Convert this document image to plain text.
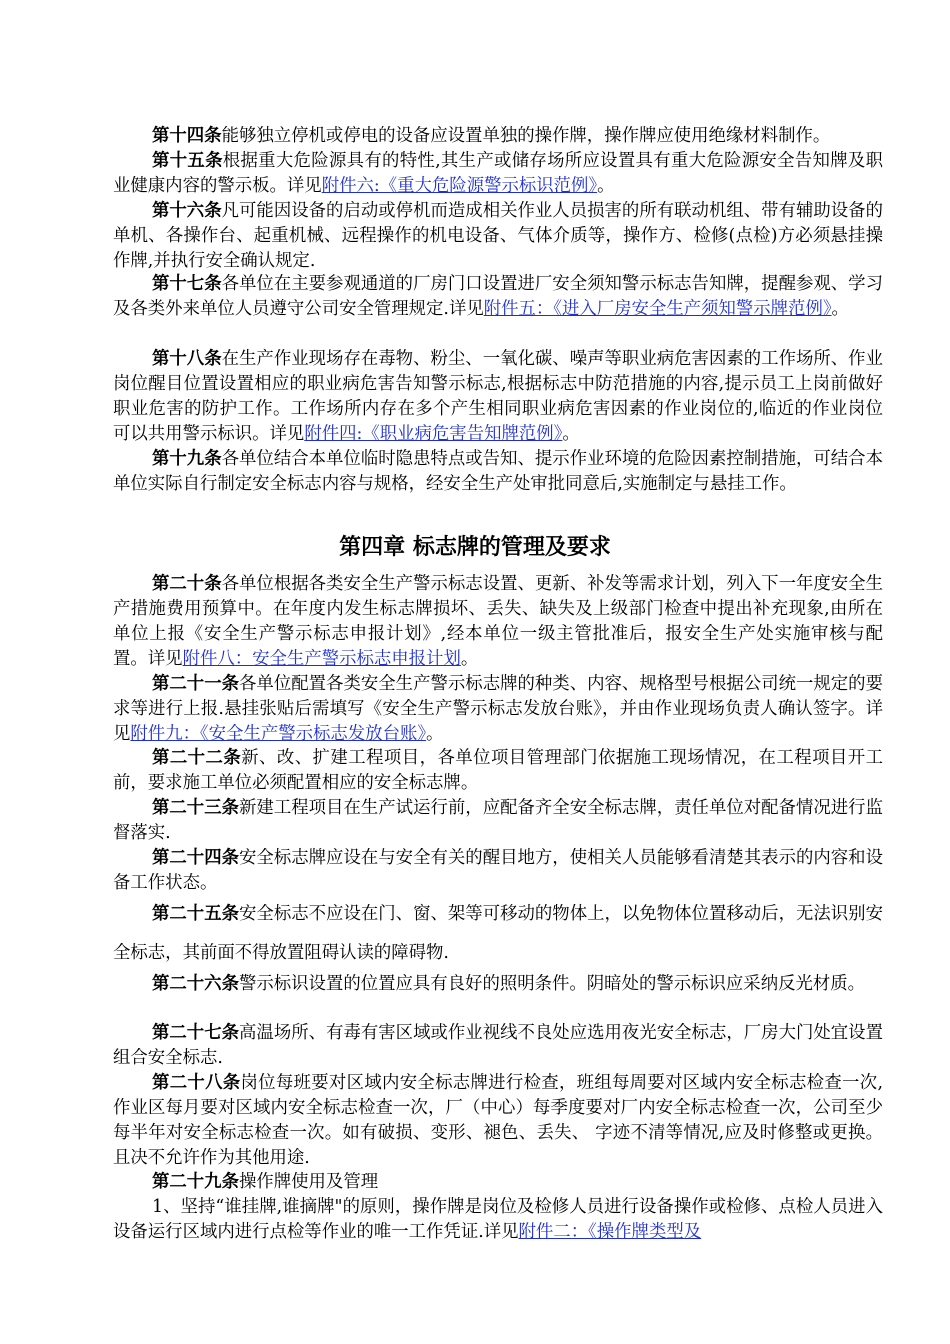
第十四条能够独立停机或停电的设备应设置单独的操作牌，操作牌应使用绝缘材料制作。

第十五条根据重大危险源具有的特性,其生产或储存场所应设置具有重大危险源安全告知牌及职业健康内容的警示板。详见附件六:《重大危险源警示标识范例》。

第十六条凡可能因设备的启动或停机而造成相关作业人员损害的所有联动机组、带有辅助设备的单机、各操作台、起重机械、远程操作的机电设备、气体介质等，操作方、检修(点检)方必须悬挂操作牌,并执行安全确认规定.

第十七条各单位在主要参观通道的厂房门口设置进厂安全须知警示标志告知牌，提醒参观、学习及各类外来单位人员遵守公司安全管理规定.详见附件五：《进入厂房安全生产须知警示牌范例》。

第十八条在生产作业现场存在毒物、粉尘、一氧化碳、噪声等职业病危害因素的工作场所、作业岗位醒目位置设置相应的职业病危害告知警示标志,根据标志中防范措施的内容,提示员工上岗前做好职业危害的防护工作。工作场所内存在多个产生相同职业病危害因素的作业岗位的,临近的作业岗位可以共用警示标识。详见附件四:《职业病危害告知牌范例》。

第十九条各单位结合本单位临时隐患特点或告知、提示作业环境的危险因素控制措施，可结合本单位实际自行制定安全标志内容与规格，经安全生产处审批同意后,实施制定与悬挂工作。

第四章 标志牌的管理及要求

第二十条各单位根据各类安全生产警示标志设置、更新、补发等需求计划，列入下一年度安全生产措施费用预算中。在年度内发生标志牌损坏、丢失、缺失及上级部门检查中提出补充现象,由所在单位上报《安全生产警示标志申报计划》,经本单位一级主管批准后，报安全生产处实施审核与配置。详见附件八：安全生产警示标志申报计划。

第二十一条各单位配置各类安全生产警示标志牌的种类、内容、规格型号根据公司统一规定的要求等进行上报.悬挂张贴后需填写《安全生产警示标志发放台账》，并由作业现场负责人确认签字。详见附件九：《安全生产警示标志发放台账》。

第二十二条新、改、扩建工程项目，各单位项目管理部门依据施工现场情况，在工程项目开工前，要求施工单位必须配置相应的安全标志牌。

第二十三条新建工程项目在生产试运行前，应配备齐全安全标志牌，责任单位对配备情况进行监督落实.

第二十四条安全标志牌应设在与安全有关的醒目地方，使相关人员能够看清楚其表示的内容和设备工作状态。

第二十五条安全标志不应设在门、窗、架等可移动的物体上，以免物体位置移动后，无法识别安全标志，其前面不得放置阻碍认读的障碍物.

第二十六条警示标识设置的位置应具有良好的照明条件。阴暗处的警示标识应采纳反光材质。

第二十七条高温场所、有毒有害区域或作业视线不良处应选用夜光安全标志，厂房大门处宜设置组合安全标志.

第二十八条岗位每班要对区域内安全标志牌进行检查，班组每周要对区域内安全标志检查一次,作业区每月要对区域内安全标志检查一次，厂（中心）每季度要对厂内安全标志检查一次，公司至少每半年对安全标志检查一次。如有破损、变形、褪色、丢失、 字迹不清等情况,应及时修整或更换。且决不允许作为其他用途.

第二十九条操作牌使用及管理

1、坚持“谁挂牌,谁摘牌"的原则，操作牌是岗位及检修人员进行设备操作或检修、点检人员进入设备运行区域内进行点检等作业的唯一工作凭证.详见附件二：《操作牌类型及
